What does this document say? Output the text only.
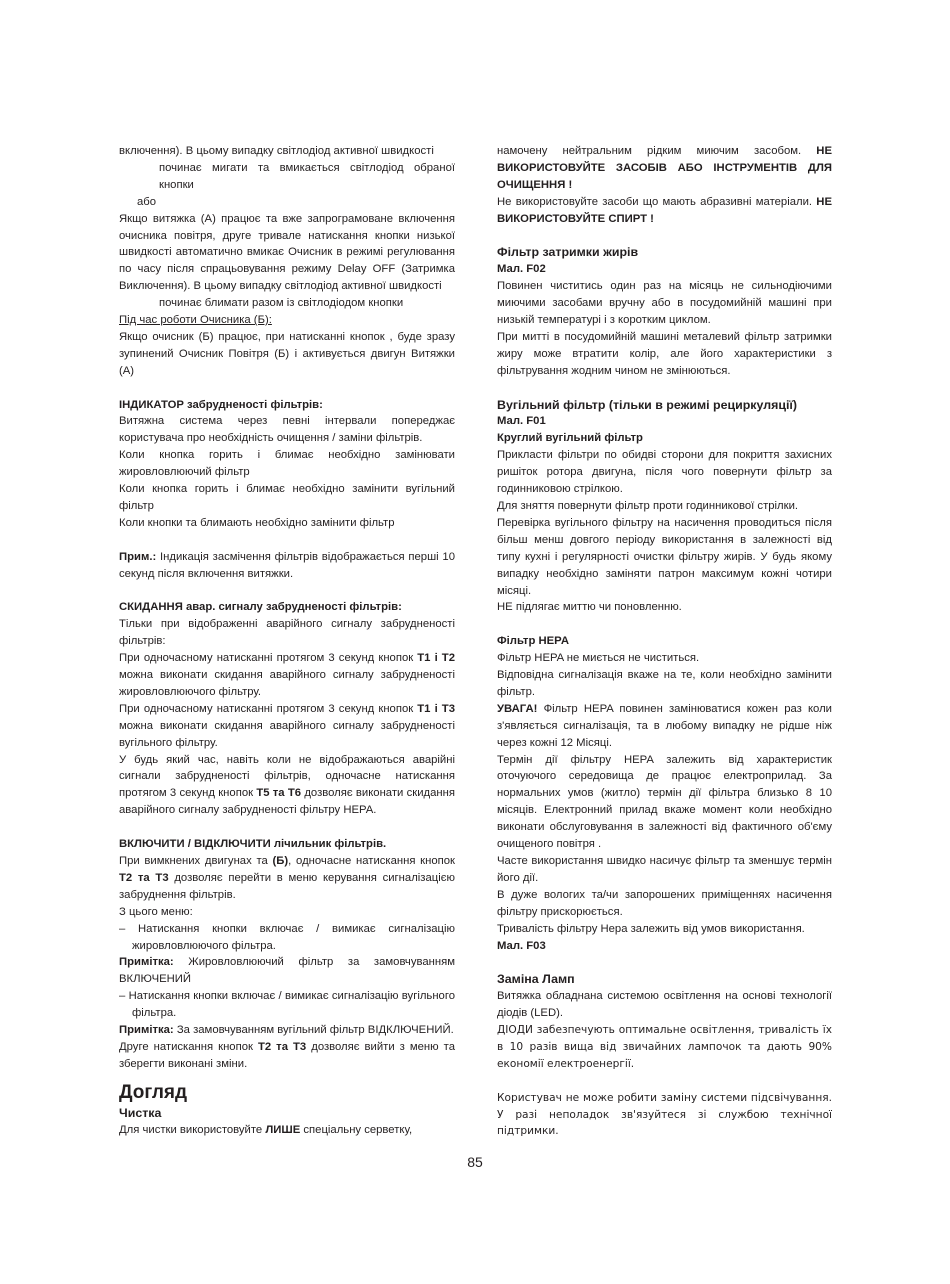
включення). В цьому випадку світлодіод активної швидкості

починає мигати та вмикається світлодіод обраної кнопки

або

Якщо витяжка (А) працює та вже запрограмоване включення очисника повітря, друге тривале натискання кнопки низької швидкості автоматично вмикає Очисник в режимі регулювання по часу після спрацьовування режиму Delay OFF (Затримка Виключення). В цьому випадку світлодіод активної швидкості

починає блимати разом із світлодіодом кнопки

Під час роботи Очисника (Б):

Якщо очисник (Б) працює, при натисканні кнопок , буде зразу зупинений Очисник Повітря (Б) і активується двигун Витяжки (А)

ІНДИКАТОР забрудненості фільтрів:

Витяжна система через певні інтервали попереджає користувача про необхідність очищення / заміни фільтрів.

Коли кнопка горить і блимає необхідно замінювати жировловлюючий фільтр

Коли кнопка горить і блимає необхідно замінити вугільний фільтр

Коли кнопки та блимають необхідно замінити фільтр

Прим.: Індикація засмічення фільтрів відображається перші 10 секунд після включення витяжки.

СКИДАННЯ авар. сигналу забрудненості фільтрів:

Тільки при відображенні аварійного сигналу забрудненості фільтрів:

При одночасному натисканні протягом 3 секунд кнопок T1 і T2 можна виконати скидання аварійного сигналу забрудненості жировловлюючого фільтру.

При одночасному натисканні протягом 3 секунд кнопок T1 і T3 можна виконати скидання аварійного сигналу забрудненості вугільного фільтру.

У будь який час, навіть коли не відображаються аварійні сигнали забрудненості фільтрів, одночасне натискання протягом 3 секунд кнопок T5 та T6 дозволяє виконати скидання аварійного сигналу забрудненості фільтру HEPA.

ВКЛЮЧИТИ / ВІДКЛЮЧИТИ лічильник фільтрів.

При вимкнених двигунах та (Б), одночасне натискання кнопок T2 та T3 дозволяє перейти в меню керування сигналізацією забруднення фільтрів.

З цього меню:

– Натискання кнопки включає / вимикає сигналізацію жировловлюючого фільтра.

Примітка: Жировловлюючий фільтр за замовчуванням ВКЛЮЧЕНИЙ

– Натискання кнопки включає / вимикає сигналізацію вугільного фільтра.

Примітка: За замовчуванням вугільний фільтр ВІДКЛЮЧЕНИЙ.

Друге натискання кнопок T2 та T3 дозволяє вийти з меню та зберегти виконані зміни.

Догляд

Чистка

Для чистки використовуйте ЛИШЕ спеціальну серветку,

намочену нейтральним рідким миючим засобом. НЕ ВИКОРИСТОВУЙТЕ ЗАСОБІВ АБО ІНСТРУМЕНТІВ ДЛЯ ОЧИЩЕННЯ !

Не використовуйте засоби що мають абразивні матеріали. НЕ ВИКОРИСТОВУЙТЕ СПИРТ !

Фільтр затримки жирів

Мал. F02

Повинен чиститись один раз на місяць не сильнодіючими миючими засобами вручну або в посудомийній машині при низькій температурі і з коротким циклом.

При митті в посудомийній машині металевий фільтр затримки жиру може втратити колір, але його характеристики з фільтрування жодним чином не змінюються.

Вугільний фільтр (тільки в режимі рециркуляції)

Мал. F01

Круглий вугільний фільтр

Прикласти фільтри по обидві сторони для покриття захисних ришіток ротора двигуна, після чого повернути фільтр за годинниковою стрілкою.

Для зняття повернути фільтр проти годинникової стрілки.

Перевірка вугільного фільтру на насичення проводиться після більш менш довгого періоду використання в залежності від типу кухні і регулярності очистки фільтру жирів. У будь якому випадку необхідно заміняти патрон максимум кожні чотири місяці.

НЕ підлягає миттю чи поновленню.

Фільтр HEPA

Фільтр HEPA не миється не чиститься.

Відповідна сигналізація вкаже на те, коли необхідно замінити фільтр.

УВАГА! Фільтр HEPA повинен замінюватися кожен раз коли з'являється сигналізація, та в любому випадку не рідше ніж через кожні 12 Місяці.

Термін дії фільтру HEPA залежить від характеристик оточуючого середовища де працює електроприлад. За нормальних умов (житло) термін дії фільтра близько 8 10 місяців. Електронний прилад вкаже момент коли необхідно виконати обслуговування в залежності від фактичного об'єму очищеного повітря .

Часте використання швидко насичує фільтр та зменшує термін його дії.

В дуже вологих та/чи запорошених приміщеннях насичення фільтру прискорюється.

Тривалість фільтру Нера залежить від умов використання.

Мал. F03

Заміна Ламп

Витяжка обладнана системою освітлення на основі технології діодів (LED).

ДІОДИ забезпечують оптимальне освітлення, тривалість їх в 10 разів вища від звичайних лампочок та дають 90% економії електроенергії.

Користувач не може робити заміну системи підсвічування. У разі неполадок зв'язуйтеся зі службою технічної підтримки.

85
